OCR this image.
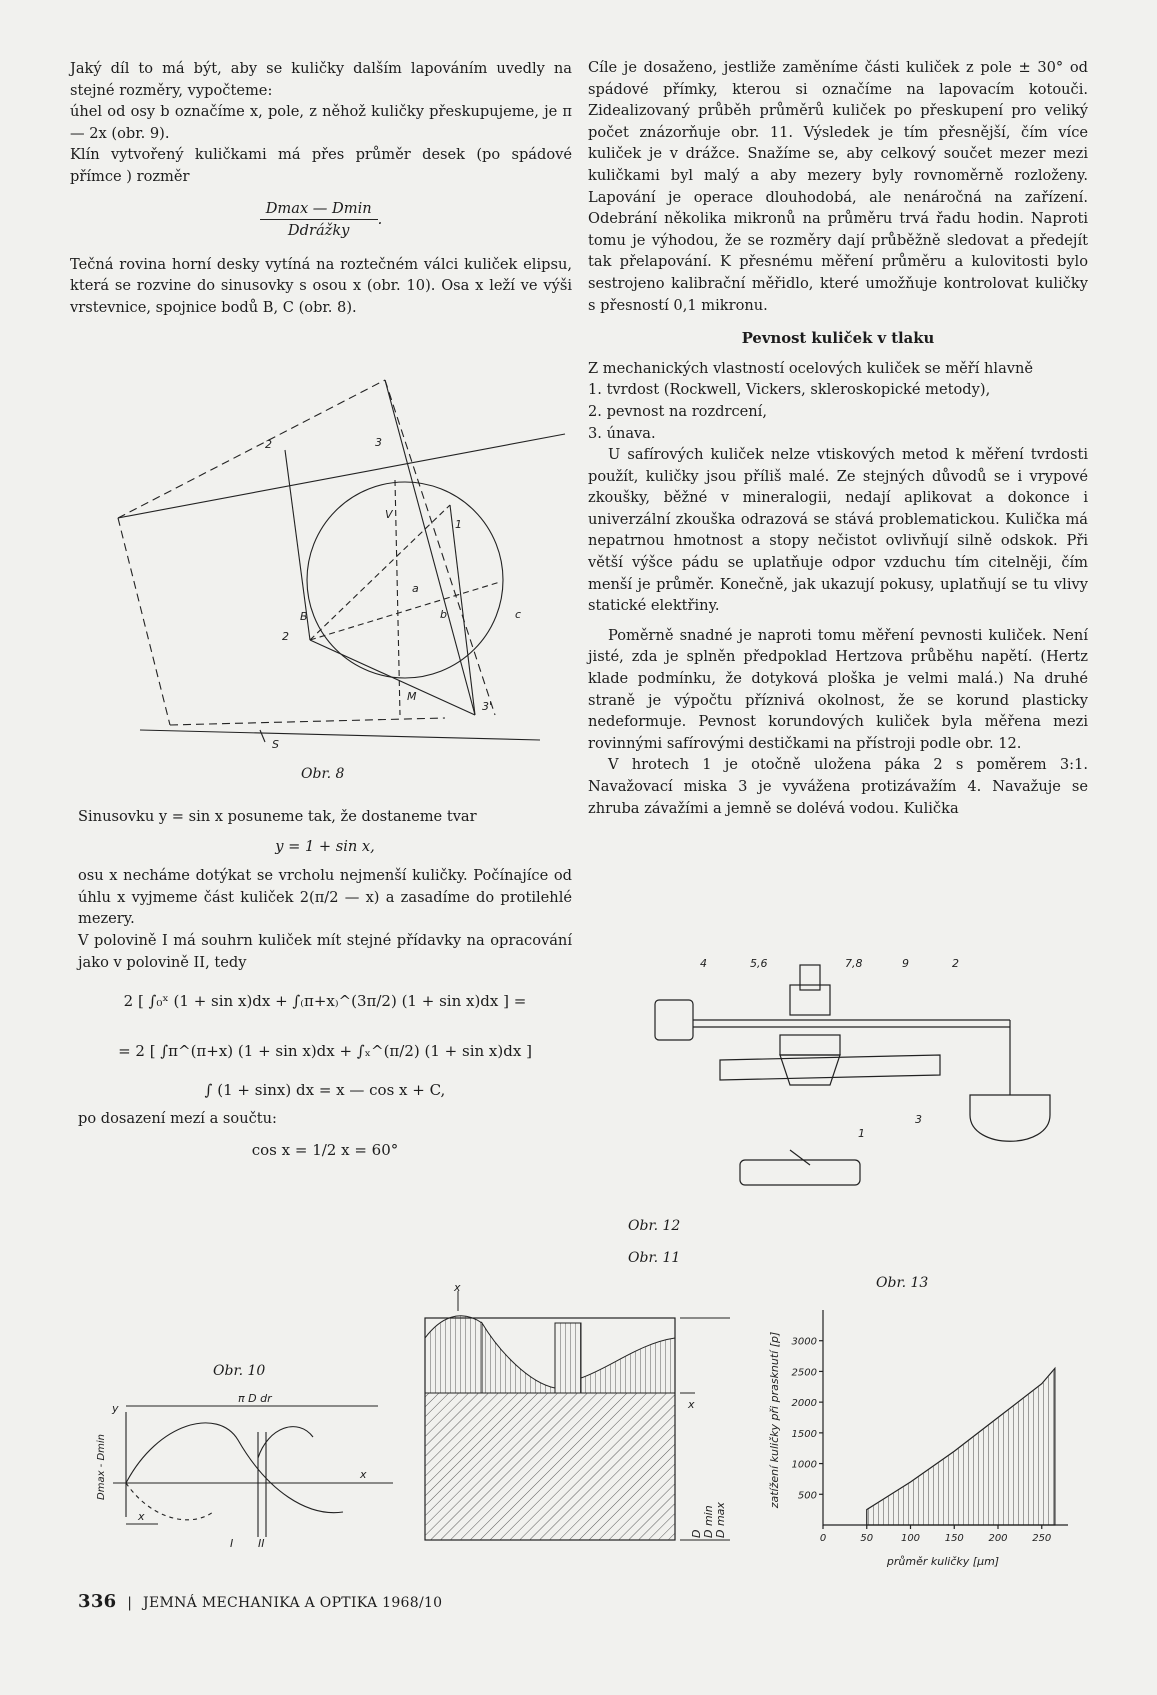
Jaký díl to má být, aby se kuličky dalším lapováním uvedly na stejné rozměry, vypočteme:

úhel od osy b označíme x, pole, z něhož kuličky přeskupujeme, je π — 2x (obr. 9).

Klín vytvořený kuličkami má přes průměr desek (po spádové přímce ) rozměr

$\frac{Dmax — Dmin}{\text{Ddrážky}}$ .

Tečná rovina horní desky vytíná na roztečném válci kuliček elipsu, která se rozvine do sinusovky s osou x (obr. 10). Osa x leží ve výši vrstevnice, spojnice bodů B, C (obr. 8).

2	3
V
1
a
B
2
b	c
M
3'
S
Obr. 8

Sinusovku y = sin x posuneme tak, že dostaneme tvar

y = 1 + sin x,

osu x necháme dotýkat se vrcholu nejmenší kuličky. Počínajíce od úhlu x vyjmeme část kuliček 2(π/2 — x) a zasadíme do protilehlé mezery.

V polovině I má souhrn kuliček mít stejné přídavky na opracování jako v polovině II, tedy

2 [ ∫₀ˣ (1 + sin x)dx + ∫₍π+x₎^(3π/2) (1 + sin x)dx ] =
= 2 [ ∫π^(π+x) (1 + sin x)dx + ∫ₓ^(π/2) (1 + sin x)dx ]
∫ (1 + sinx) dx = x — cos x + C,

po dosazení mezí a součtu:

cos x = 1/2 x = 60°
Obr. 10
y
π D dr
Dmax - Dmin	x
x
I II

Cíle je dosaženo, jestliže zaměníme části kuliček z pole ± 30° od spádové přímky, kterou si označíme na lapovacím kotouči. Zidealizovaný průběh průměrů kuliček po přeskupení pro veliký počet znázorňuje obr. 11. Výsledek je tím přesnější, čím více kuliček je v drážce. Snažíme se, aby celkový součet mezer mezi kuličkami byl malý a aby mezery byly rovnoměrně rozloženy. Lapování je operace dlouhodobá, ale nenáročná na zařízení. Odebrání několika mikronů na průměru trvá řadu hodin. Naproti tomu je výhodou, že se rozměry dají průběžně sledovat a předejít tak přelapování. K přesnému měření průměru a kulovitosti bylo sestrojeno kalibrační měřidlo, které umožňuje kontrolovat kuličky s přesností 0,1 mikronu.

Pevnost kuliček v tlaku

Z mechanických vlastností ocelových kuliček se měří hlavně

1. tvrdost (Rockwell, Vickers, skleroskopické metody),
2. pevnost na rozdrcení,
3. únava.

U safírových kuliček nelze vtiskových metod k měření tvrdosti použít, kuličky jsou příliš malé. Ze stejných důvodů se i vrypové zkoušky, běžné v mineralogii, nedají aplikovat a dokonce i univerzální zkouška odrazová se stává problematickou. Kulička má nepatrnou hmotnost a stopy nečistot ovlivňují silně odskok. Při větší výšce pádu se uplatňuje odpor vzduchu tím citelněji, čím menší je průměr. Konečně, jak ukazují pokusy, uplatňují se tu vlivy statické elektřiny.

Poměrně snadné je naproti tomu měření pevnosti kuliček. Není jisté, zda je splněn předpoklad Hertzova průběhu napětí. (Hertz klade podmínku, že dotyková ploška je velmi malá.) Na druhé straně je výpočtu příznivá okolnost, že se korund plasticky nedeformuje. Pevnost korundových kuliček byla měřena mezi rovinnými safírovými destičkami na přístroji podle obr. 12.

V hrotech 1 je otočně uložena páka 2 s poměrem 3:1. Navažovací miska 3 je vyvážena protizávažím 4. Navažuje se zhruba závažími a jemně se dolévá vodou. Kulička

4	5,6	7,8	9	2
1
3
Obr. 12
Obr. 11
x
x
D D min D max
Obr. 13
0	50	100 150 200 250
500
1000
1500
2000
2500
3000
průměr kuličky [μm]
zatížení kuličky při prasknutí [p]
336 | JEMNÁ MECHANIKA A OPTIKA 1968/10
